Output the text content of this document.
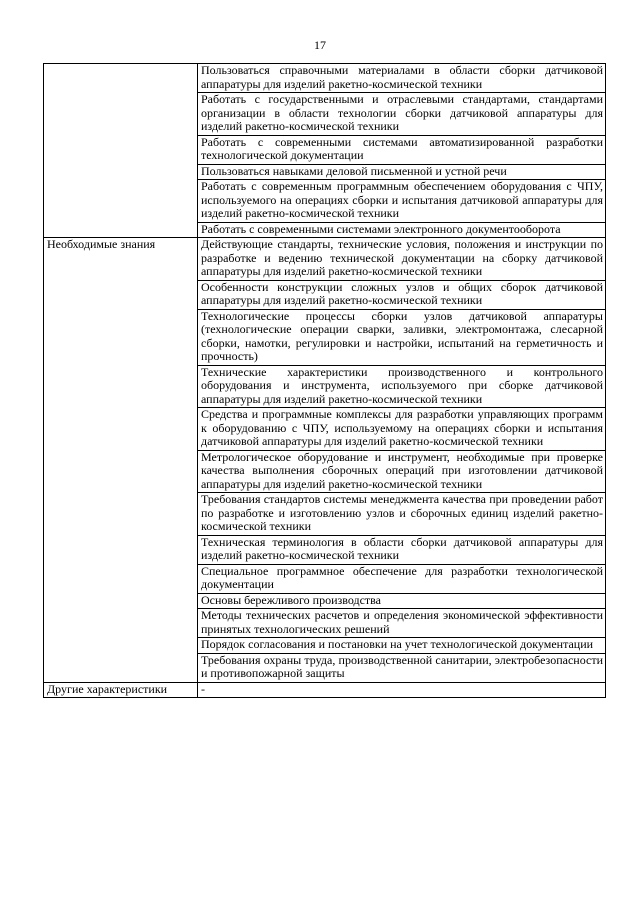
17
	Пользоваться справочными материалами в области сборки датчиковой аппаратуры для изделий ракетно-космической техники
	Работать с государственными и отраслевыми стандартами, стандартами организации в области технологии сборки датчиковой аппаратуры для изделий ракетно-космической техники
	Работать с современными системами автоматизированной разработки технологической документации
	Пользоваться навыками деловой письменной и устной речи
	Работать с современным программным обеспечением оборудования с ЧПУ, используемого на операциях сборки и испытания датчиковой аппаратуры для изделий ракетно-космической техники
	Работать с современными системами электронного документооборота
Необходимые знания	Действующие стандарты, технические условия, положения и инструкции по разработке и ведению технической документации на сборку датчиковой аппаратуры для изделий ракетно-космической техники
	Особенности конструкции сложных узлов и общих сборок датчиковой аппаратуры для изделий ракетно-космической техники
	Технологические процессы сборки узлов датчиковой аппаратуры (технологические операции сварки, заливки, электромонтажа, слесарной сборки, намотки, регулировки и настройки, испытаний на герметичность и прочность)
	Технические характеристики производственного и контрольного оборудования и инструмента, используемого при сборке датчиковой аппаратуры для изделий ракетно-космической техники
	Средства и программные комплексы для разработки управляющих программ к оборудованию с ЧПУ, используемому на операциях сборки и испытания датчиковой аппаратуры для изделий ракетно-космической техники
	Метрологическое оборудование и инструмент, необходимые при проверке качества выполнения сборочных операций при изготовлении датчиковой аппаратуры для изделий ракетно-космической техники
	Требования стандартов системы менеджмента качества при проведении работ по разработке и изготовлению узлов и сборочных единиц изделий ракетно-космической техники
	Техническая терминология в области сборки датчиковой аппаратуры для изделий ракетно-космической техники
	Специальное программное обеспечение для разработки технологической документации
	Основы бережливого производства
	Методы технических расчетов и определения экономической эффективности принятых технологических решений
	Порядок согласования и постановки на учет технологической документации
	Требования охраны труда, производственной санитарии, электробезопасности и противопожарной защиты
Другие характеристики	-
